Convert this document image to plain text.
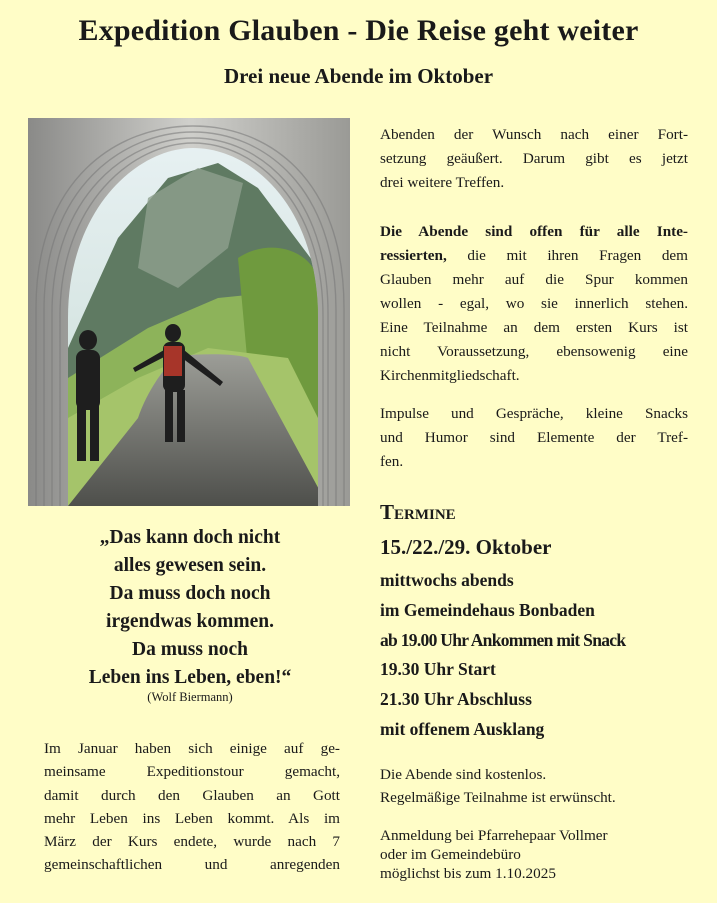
Expedition Glauben - Die Reise geht weiter
Drei neue Abende im Oktober
„Das kann doch nicht
alles gewesen sein.
Da muss doch noch
irgendwas kommen.
Da muss noch
Leben ins Leben, eben!“
(Wolf Biermann)
Im Januar haben sich einige auf ge-
meinsame Expeditionstour gemacht,
damit durch den Glauben an Gott
mehr Leben ins Leben kommt. Als im
März der Kurs endete, wurde nach 7
gemeinschaftlichen und anregenden
Abenden der Wunsch nach einer Fort-
setzung geäußert. Darum gibt es jetzt
drei weitere Treffen.
Die Abende sind offen für alle Inte-
ressierten, die mit ihren Fragen dem
Glauben mehr auf die Spur kommen
wollen - egal, wo sie innerlich stehen.
Eine Teilnahme an dem ersten Kurs ist
nicht Voraussetzung, ebensowenig eine
Kirchenmitgliedschaft.
Impulse und Gespräche, kleine Snacks
und Humor sind Elemente der Tref-
fen.
Termine
15./22./29. Oktober
mittwochs abends
im Gemeindehaus Bonbaden
ab 19.00 Uhr Ankommen mit Snack
19.30 Uhr Start
21.30 Uhr Abschluss
mit offenem Ausklang
Die Abende sind kostenlos.
Regelmäßige Teilnahme ist erwünscht.
Anmeldung bei Pfarrehepaar Vollmer
oder im Gemeindebüro
möglichst bis zum 1.10.2025
